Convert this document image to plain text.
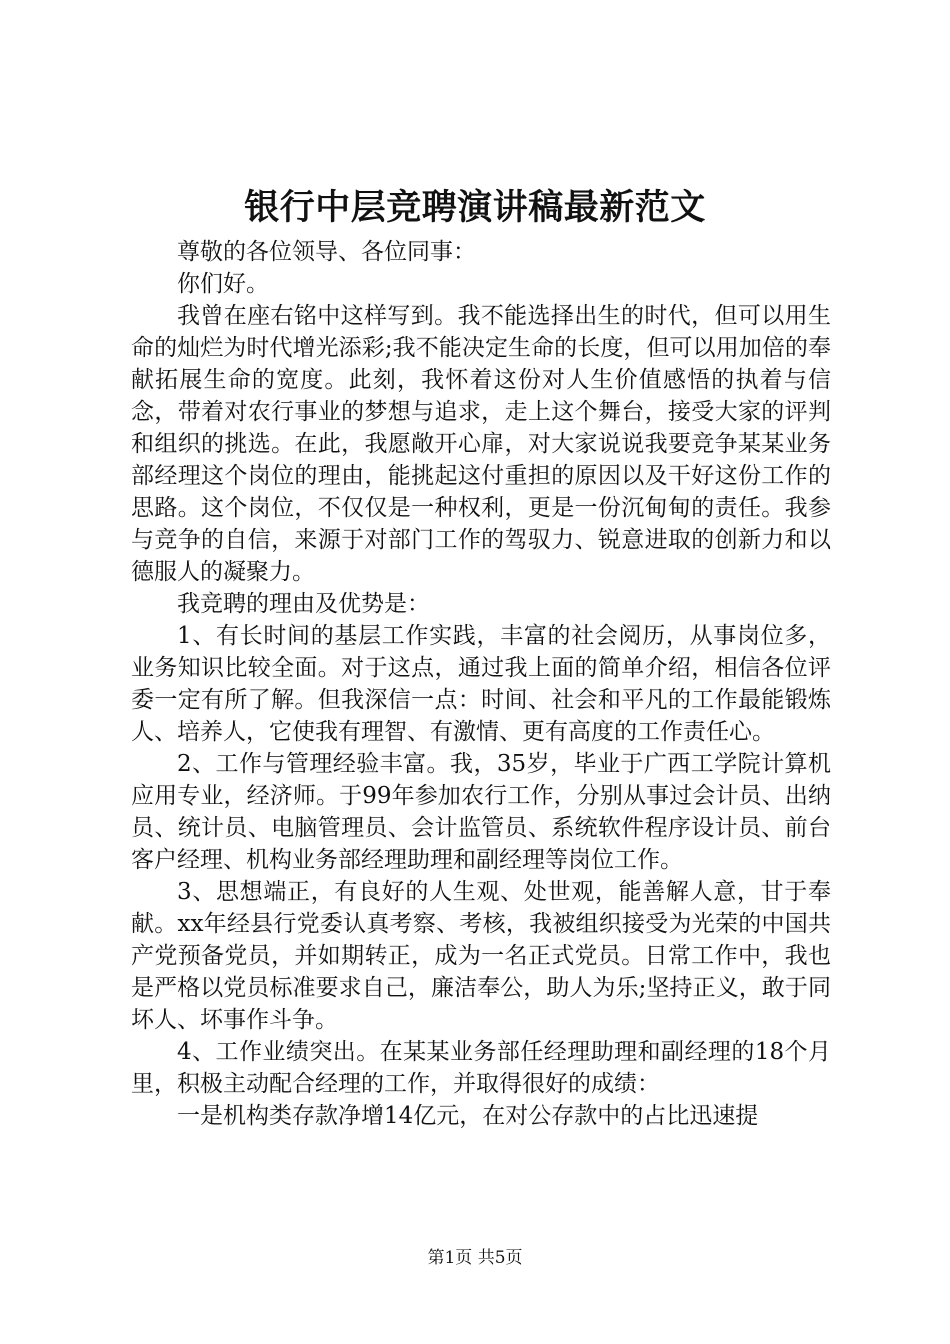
银行中层竞聘演讲稿最新范文

尊敬的各位领导、各位同事：

你们好。

我曾在座右铭中这样写到。我不能选择出生的时代，但可以用生命的灿烂为时代增光添彩;我不能决定生命的长度，但可以用加倍的奉献拓展生命的宽度。此刻，我怀着这份对人生价值感悟的执着与信念，带着对农行事业的梦想与追求，走上这个舞台，接受大家的评判和组织的挑选。在此，我愿敞开心扉，对大家说说我要竞争某某业务部经理这个岗位的理由，能挑起这付重担的原因以及干好这份工作的思路。这个岗位，不仅仅是一种权利，更是一份沉甸甸的责任。我参与竞争的自信，来源于对部门工作的驾驭力、锐意进取的创新力和以德服人的凝聚力。

我竞聘的理由及优势是：

1、有长时间的基层工作实践，丰富的社会阅历，从事岗位多，业务知识比较全面。对于这点，通过我上面的简单介绍，相信各位评委一定有所了解。但我深信一点：时间、社会和平凡的工作最能锻炼人、培养人，它使我有理智、有激情、更有高度的工作责任心。

2、工作与管理经验丰富。我，35岁，毕业于广西工学院计算机应用专业，经济师。于99年参加农行工作，分别从事过会计员、出纳员、统计员、电脑管理员、会计监管员、系统软件程序设计员、前台客户经理、机构业务部经理助理和副经理等岗位工作。

3、思想端正，有良好的人生观、处世观，能善解人意，甘于奉献。xx年经县行党委认真考察、考核，我被组织接受为光荣的中国共产党预备党员，并如期转正，成为一名正式党员。日常工作中，我也是严格以党员标准要求自己，廉洁奉公，助人为乐;坚持正义，敢于同坏人、坏事作斗争。

4、工作业绩突出。在某某业务部任经理助理和副经理的18个月里，积极主动配合经理的工作，并取得很好的成绩：

一是机构类存款净增14亿元，在对公存款中的占比迅速提

第1页 共5页
